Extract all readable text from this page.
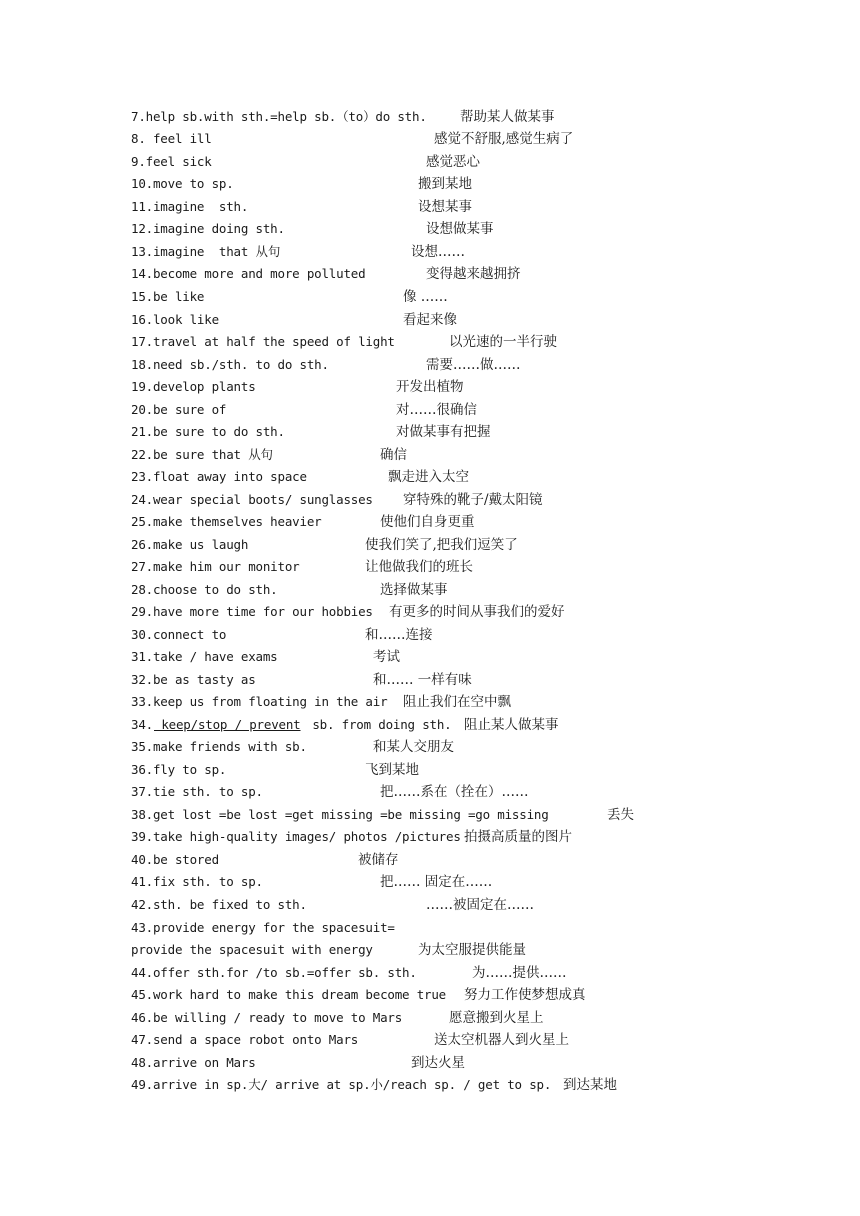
7.help sb.with sth.=help sb.（to）do sth. 帮助某人做某事
8. feel ill	感觉不舒服,感觉生病了
9.feel sick	感觉恶心
10.move to sp.	搬到某地
11.imagine  sth.	设想某事
12.imagine doing sth.	设想做某事
13.imagine  that 从句	设想……
14.become more and more polluted	变得越来越拥挤
15.be like	像 ……
16.look like	看起来像
17.travel at half the speed of light	以光速的一半行驶
18.need sb./sth. to do sth.	需要……做……
19.develop plants	开发出植物
20.be sure of	对……很确信
21.be sure to do sth.	对做某事有把握
22.be sure that 从句	确信
23.float away into space	飘走进入太空
24.wear special boots/ sunglasses 穿特殊的靴子/戴太阳镜
25.make themselves heavier	使他们自身更重
26.make us laugh	使我们笑了,把我们逗笑了
27.make him our monitor	让他做我们的班长
28.choose to do sth.	选择做某事
29.have more time for our hobbies 有更多的时间从事我们的爱好
30.connect to	和……连接
31.take / have exams	考试
32.be as tasty as	和…… 一样有味
33.keep us from floating in the air 阻止我们在空中飘
34. keep/stop / prevent sb. from doing sth. 阻止某人做某事
35.make friends with sb.	和某人交朋友
36.fly to sp.	飞到某地
37.tie sth. to sp.	把……系在（拴在）……
38.get lost =be lost =get missing =be missing =go missing	丢失
39.take high-quality images/ photos /pictures 拍摄高质量的图片
40.be stored	被储存
41.fix sth. to sp.	把…… 固定在……
42.sth. be fixed to sth.	……被固定在……
43.provide energy for the spacesuit=
provide the spacesuit with energy	为太空服提供能量
44.offer sth.for /to sb.=offer sb. sth.	为……提供……
45.work hard to make this dream become true 努力工作使梦想成真
46.be willing / ready to move to Mars	愿意搬到火星上
47.send a space robot onto Mars	送太空机器人到火星上
48.arrive on Mars	到达火星
49.arrive in sp.大/ arrive at sp.小/reach sp. / get to sp. 到达某地
